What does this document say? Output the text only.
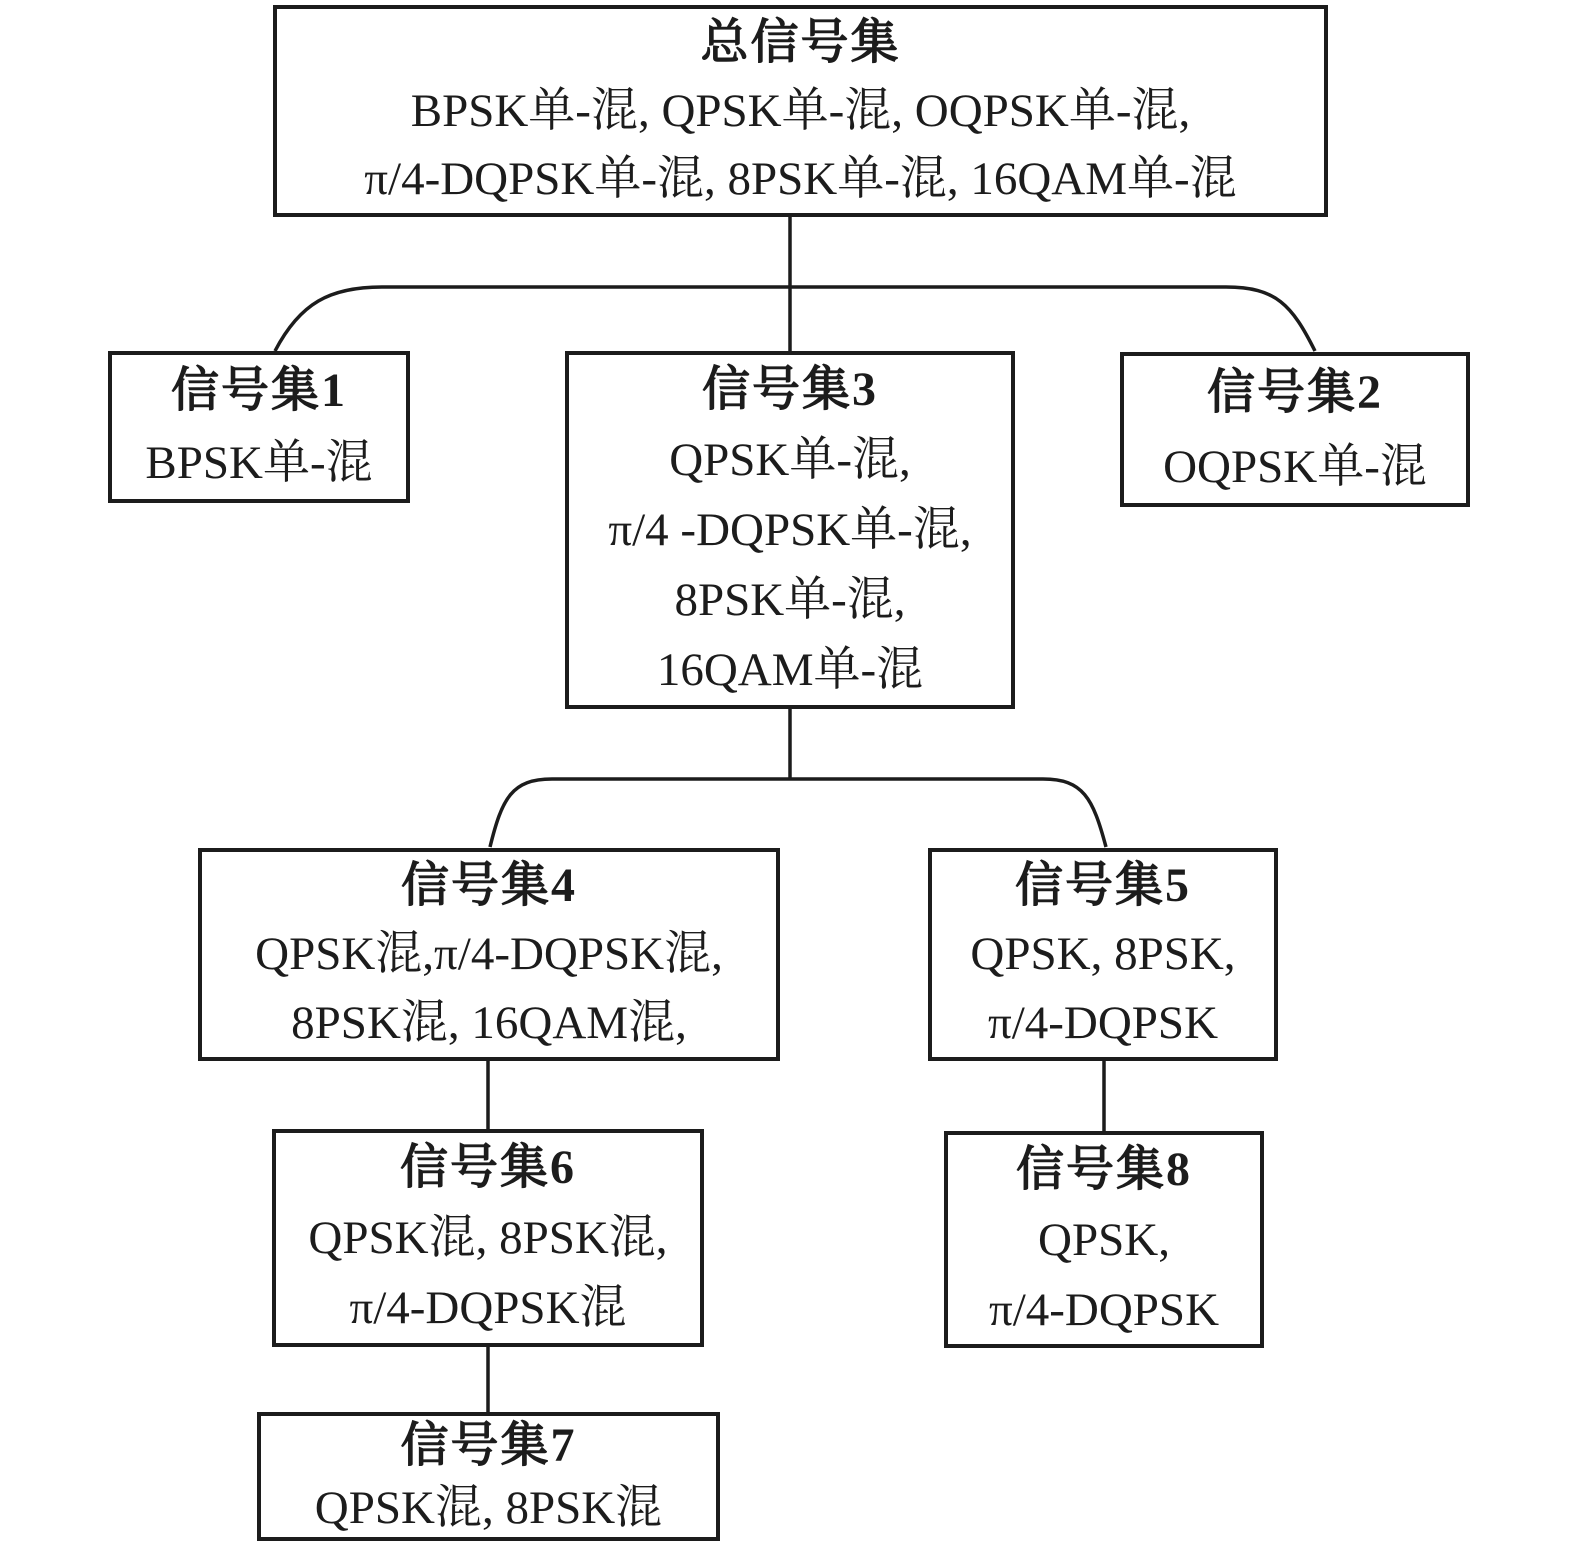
总信号集
BPSK单-混, QPSK单-混, OQPSK单-混,
π/4-DQPSK单-混, 8PSK单-混, 16QAM单-混
信号集1
BPSK单-混
信号集3
QPSK单-混,
π/4 -DQPSK单-混,
8PSK单-混,
16QAM单-混
信号集2
OQPSK单-混
信号集4
QPSK混,π/4-DQPSK混,
8PSK混, 16QAM混,
信号集5
QPSK, 8PSK,
π/4-DQPSK
信号集6
QPSK混, 8PSK混,
π/4-DQPSK混
信号集8
QPSK,
π/4-DQPSK
信号集7
QPSK混, 8PSK混
